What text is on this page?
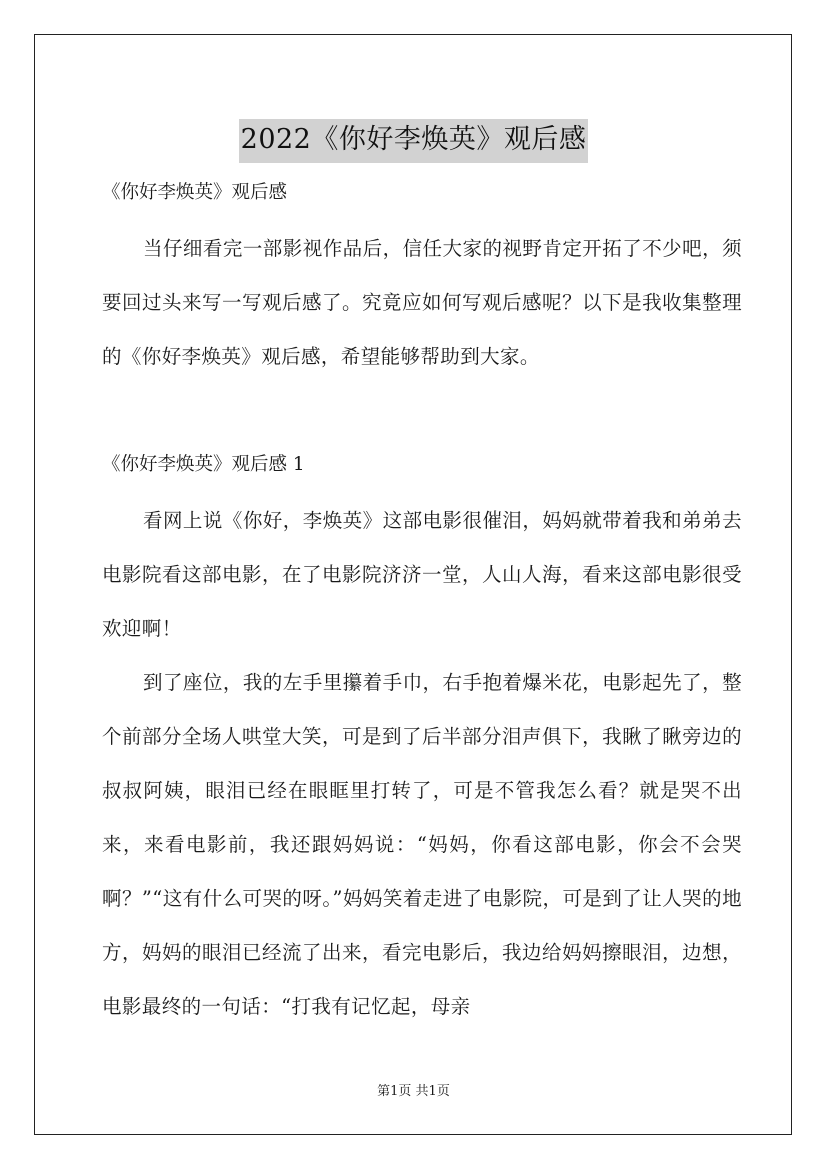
2022《你好李焕英》观后感

《你好李焕英》观后感

当仔细看完一部影视作品后，信任大家的视野肯定开拓了不少吧，须要回过头来写一写观后感了。究竟应如何写观后感呢？以下是我收集整理的《你好李焕英》观后感，希望能够帮助到大家。

《你好李焕英》观后感 1

看网上说《你好，李焕英》这部电影很催泪，妈妈就带着我和弟弟去电影院看这部电影，在了电影院济济一堂，人山人海，看来这部电影很受欢迎啊！

到了座位，我的左手里攥着手巾，右手抱着爆米花，电影起先了，整个前部分全场人哄堂大笑，可是到了后半部分泪声俱下，我瞅了瞅旁边的叔叔阿姨，眼泪已经在眼眶里打转了，可是不管我怎么看？就是哭不出来，来看电影前，我还跟妈妈说：“妈妈，你看这部电影，你会不会哭啊？”“这有什么可哭的呀。”妈妈笑着走进了电影院，可是到了让人哭的地方，妈妈的眼泪已经流了出来，看完电影后，我边给妈妈擦眼泪，边想，电影最终的一句话：“打我有记忆起，母亲

第1页 共1页
